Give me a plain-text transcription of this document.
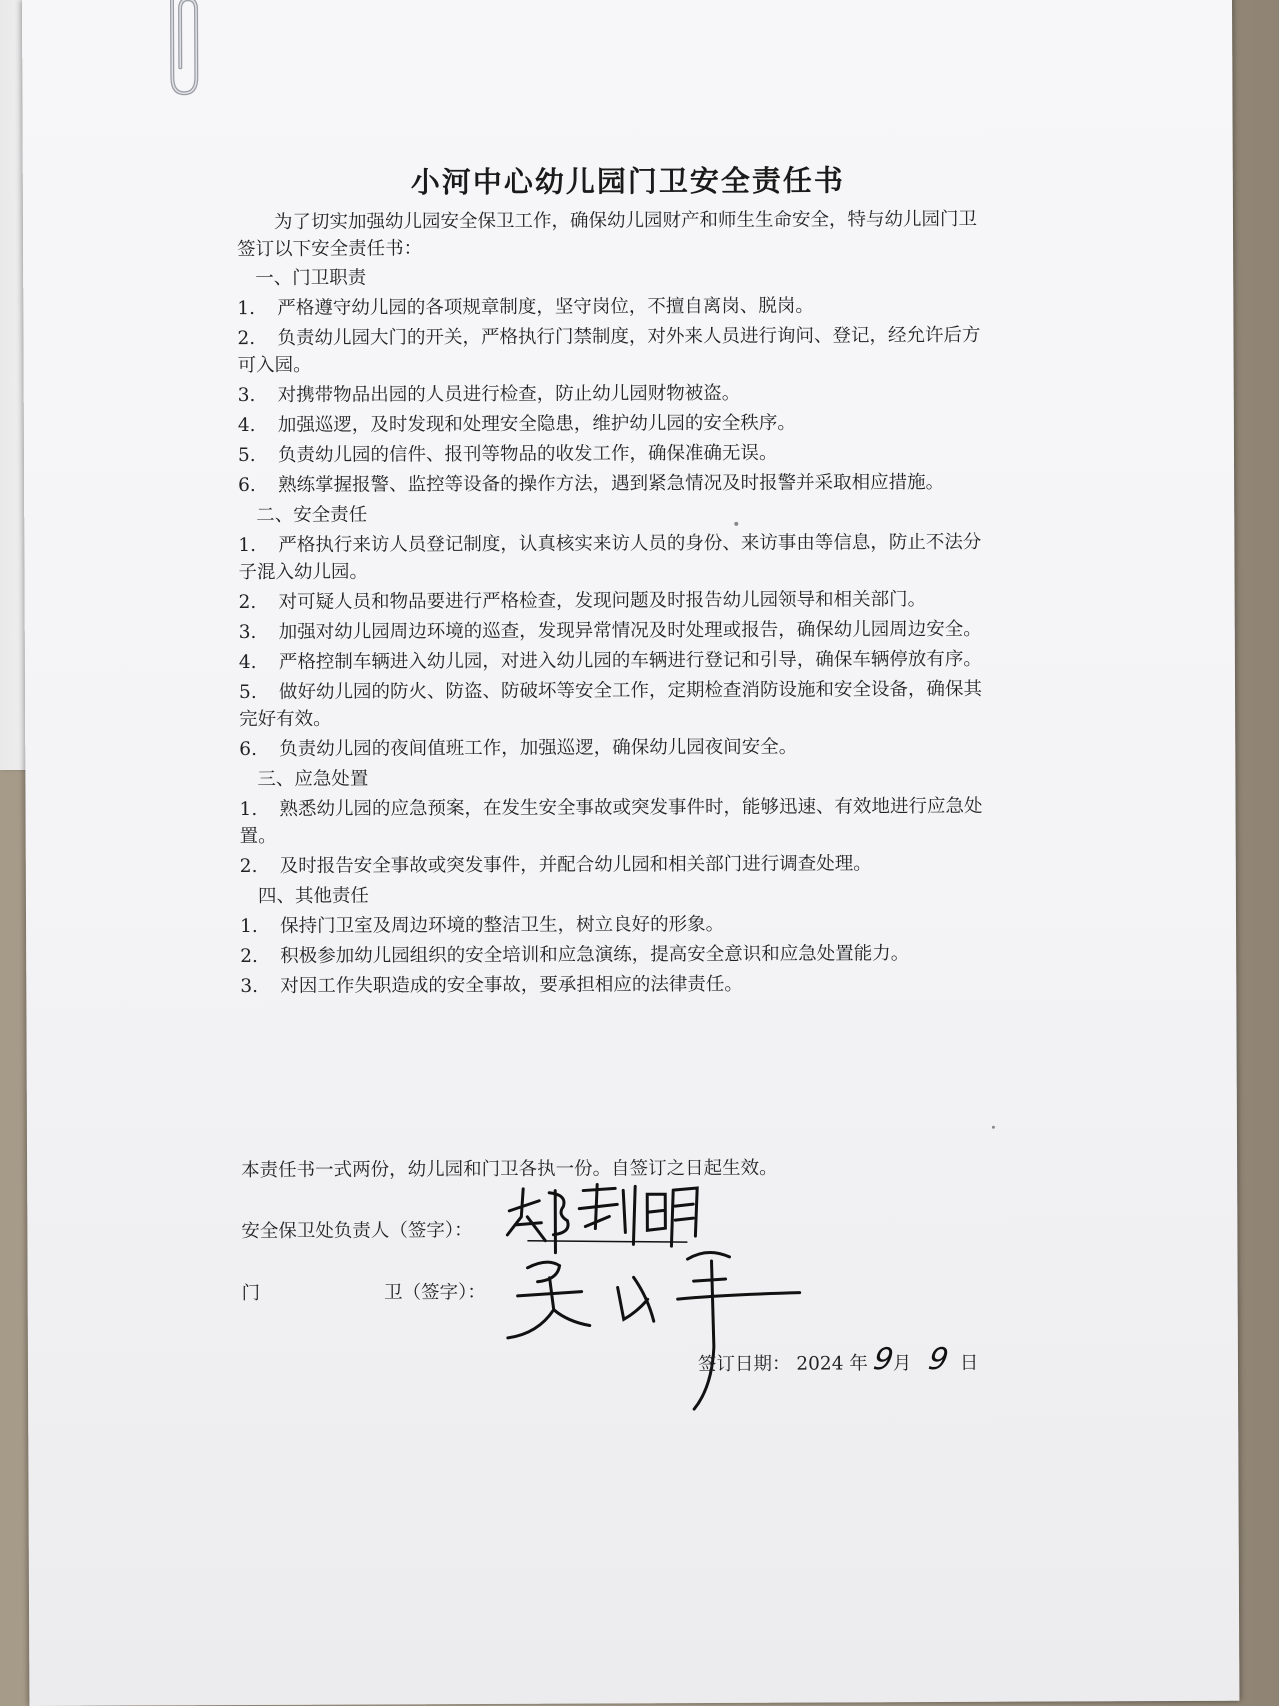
小河中心幼儿园门卫安全责任书

为了切实加强幼儿园安全保卫工作，确保幼儿园财产和师生生命安全，特与幼儿园门卫签订以下安全责任书：

一、门卫职责
1. 严格遵守幼儿园的各项规章制度，坚守岗位，不擅自离岗、脱岗。
2. 负责幼儿园大门的开关，严格执行门禁制度，对外来人员进行询问、登记，经允许后方可入园。
3. 对携带物品出园的人员进行检查，防止幼儿园财物被盗。
4. 加强巡逻，及时发现和处理安全隐患，维护幼儿园的安全秩序。
5. 负责幼儿园的信件、报刊等物品的收发工作，确保准确无误。
6. 熟练掌握报警、监控等设备的操作方法，遇到紧急情况及时报警并采取相应措施。
二、安全责任
1. 严格执行来访人员登记制度，认真核实来访人员的身份、来访事由等信息，防止不法分子混入幼儿园。
2. 对可疑人员和物品要进行严格检查，发现问题及时报告幼儿园领导和相关部门。
3. 加强对幼儿园周边环境的巡查，发现异常情况及时处理或报告，确保幼儿园周边安全。
4. 严格控制车辆进入幼儿园，对进入幼儿园的车辆进行登记和引导，确保车辆停放有序。
5. 做好幼儿园的防火、防盗、防破坏等安全工作，定期检查消防设施和安全设备，确保其完好有效。
6. 负责幼儿园的夜间值班工作，加强巡逻，确保幼儿园夜间安全。
三、应急处置
1. 熟悉幼儿园的应急预案，在发生安全事故或突发事件时，能够迅速、有效地进行应急处置。
2. 及时报告安全事故或突发事件，并配合幼儿园和相关部门进行调查处理。
四、其他责任
1. 保持门卫室及周边环境的整洁卫生，树立良好的形象。
2. 积极参加幼儿园组织的安全培训和应急演练，提高安全意识和应急处置能力。
3. 对因工作失职造成的安全事故，要承担相应的法律责任。
本责任书一式两份，幼儿园和门卫各执一份。自签订之日起生效。
安全保卫处负责人（签字）：
门	卫（签字）：
签订日期： 2024 年 9月 9 日
